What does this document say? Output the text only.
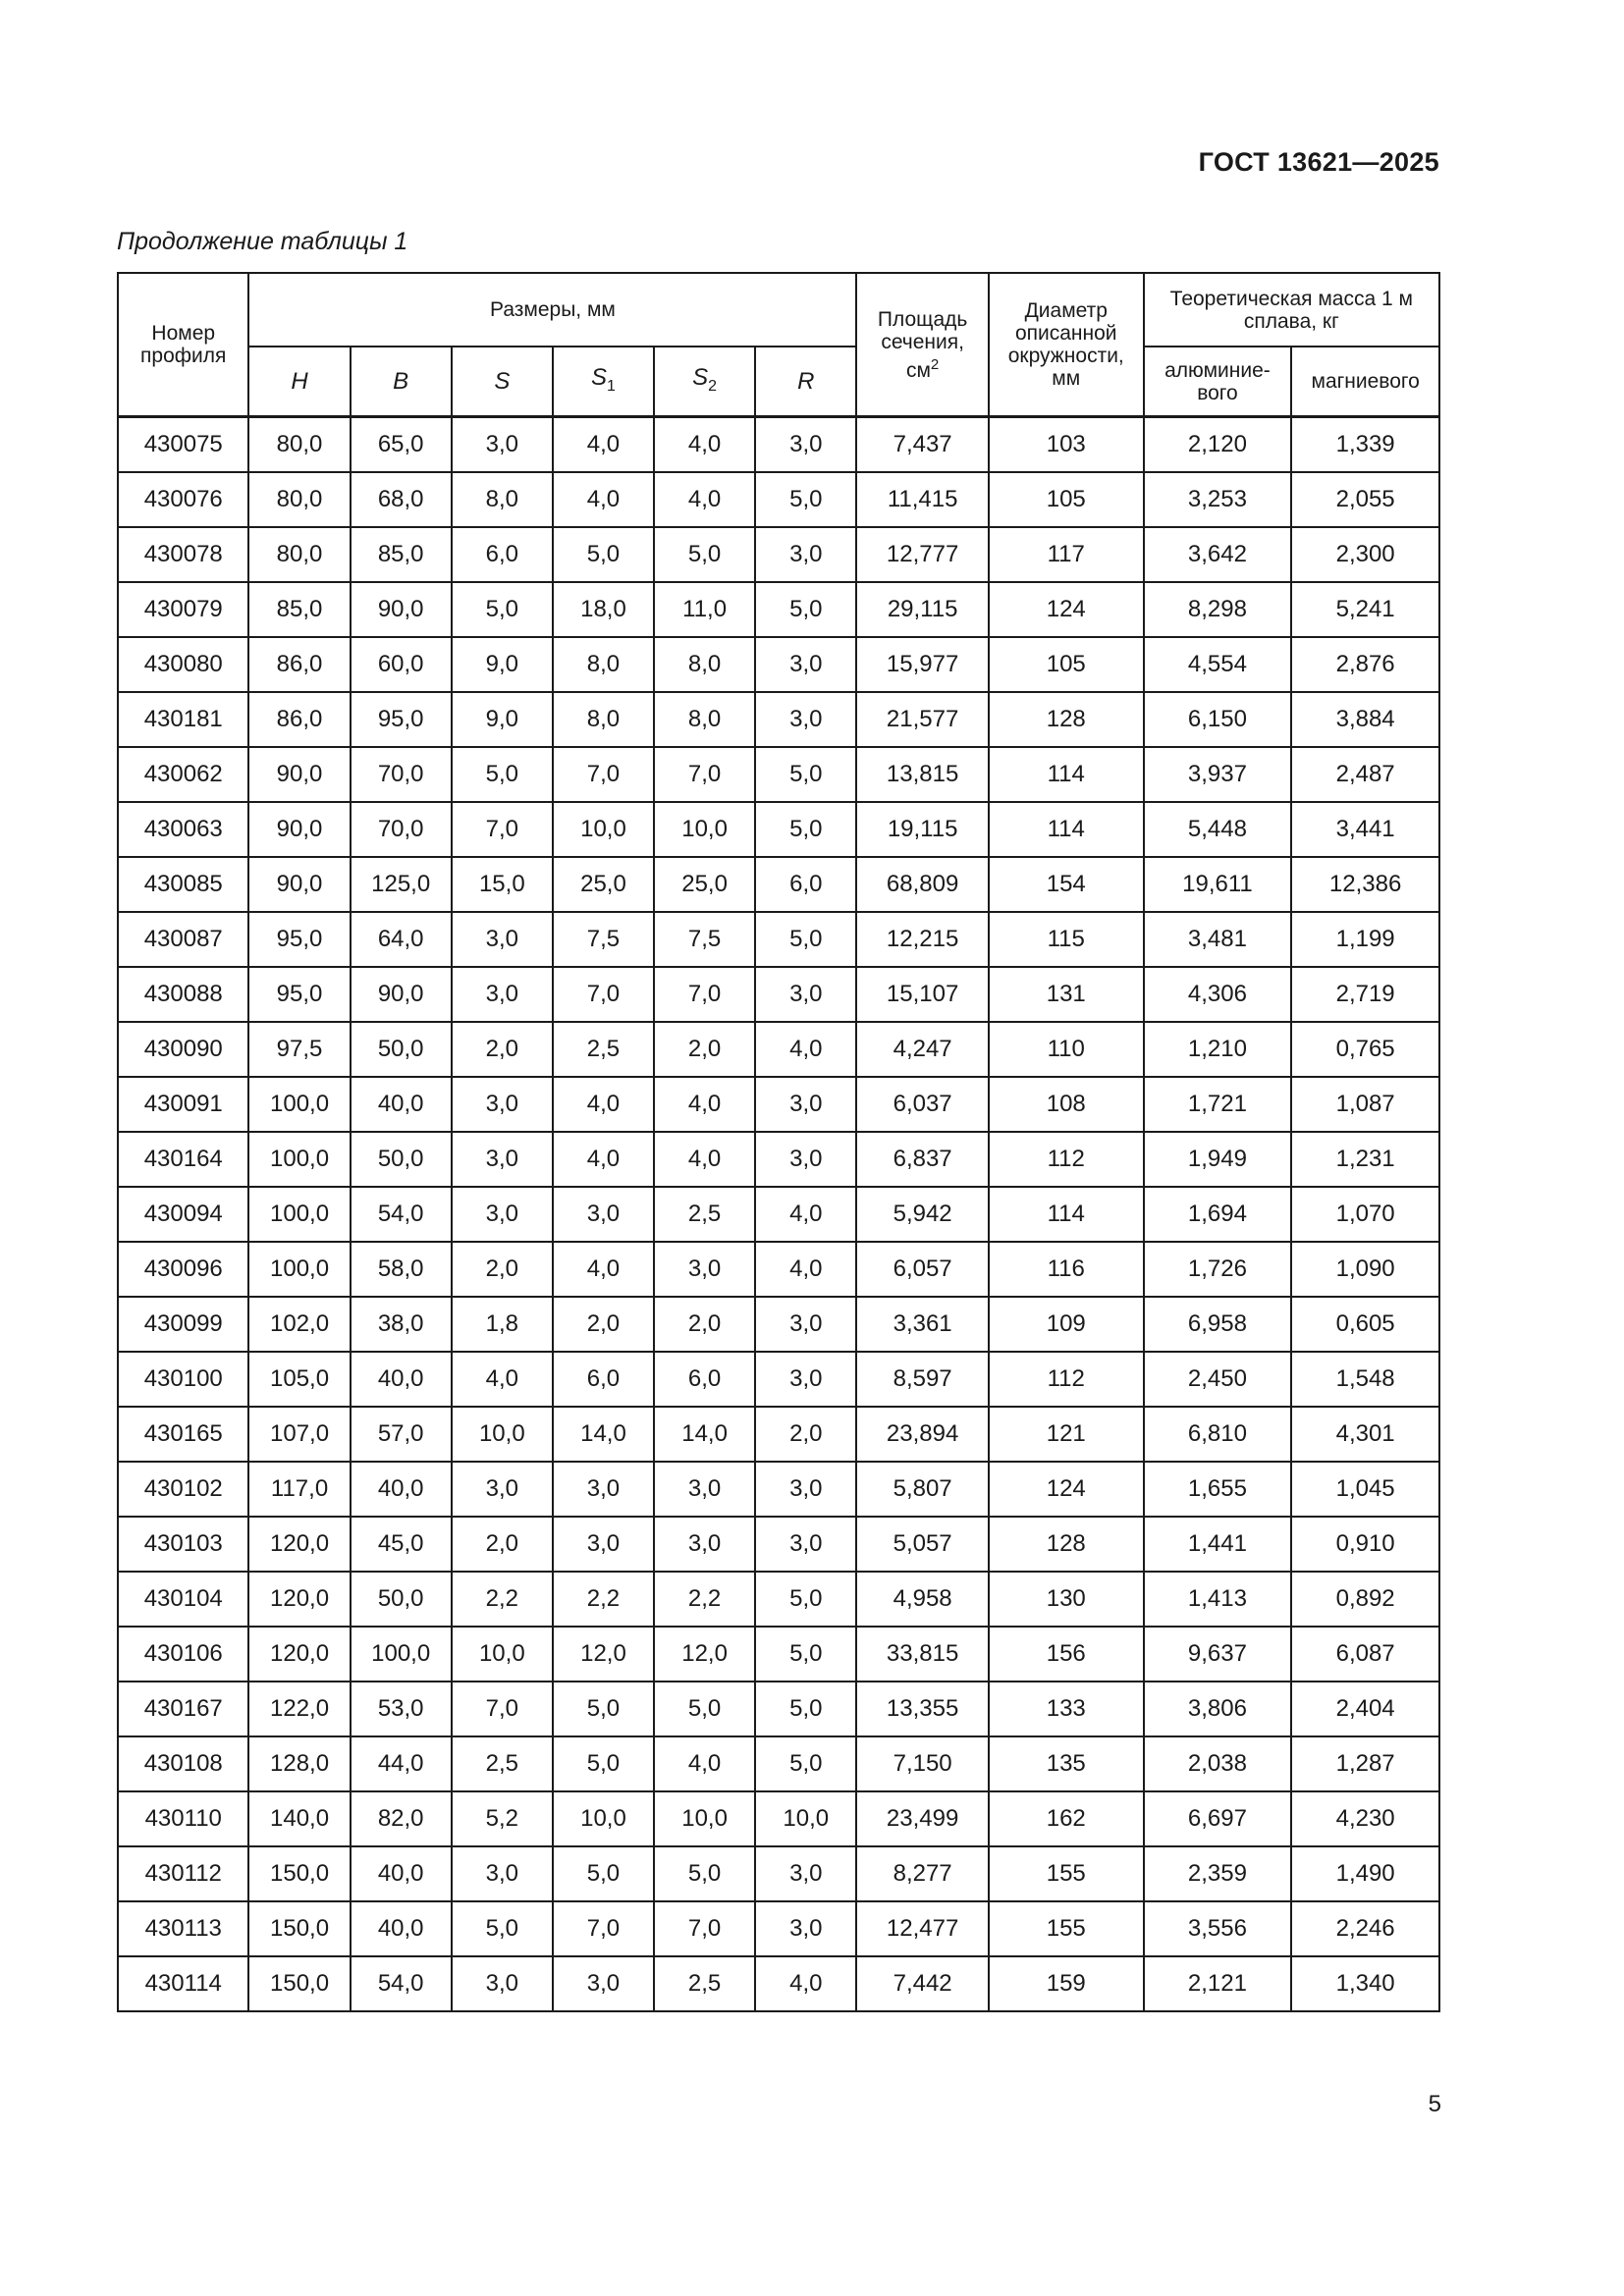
ГОСТ 13621—2025
Продолжение таблицы 1
Номер профиля	Размеры, мм						Площадь сечения, $см^2$	Диаметр описанной окружности, мм	Теоретическая масса 1 м сплава, кг	
	H	B	S	$S_1$	$S_2$	R			алюминие-вого	магниевого
430075	80,0	65,0	3,0	4,0	4,0	3,0	7,437	103	2,120	1,339
430076	80,0	68,0	8,0	4,0	4,0	5,0	11,415	105	3,253	2,055
430078	80,0	85,0	6,0	5,0	5,0	3,0	12,777	117	3,642	2,300
430079	85,0	90,0	5,0	18,0	11,0	5,0	29,115	124	8,298	5,241
430080	86,0	60,0	9,0	8,0	8,0	3,0	15,977	105	4,554	2,876
430181	86,0	95,0	9,0	8,0	8,0	3,0	21,577	128	6,150	3,884
430062	90,0	70,0	5,0	7,0	7,0	5,0	13,815	114	3,937	2,487
430063	90,0	70,0	7,0	10,0	10,0	5,0	19,115	114	5,448	3,441
430085	90,0	125,0	15,0	25,0	25,0	6,0	68,809	154	19,611	12,386
430087	95,0	64,0	3,0	7,5	7,5	5,0	12,215	115	3,481	1,199
430088	95,0	90,0	3,0	7,0	7,0	3,0	15,107	131	4,306	2,719
430090	97,5	50,0	2,0	2,5	2,0	4,0	4,247	110	1,210	0,765
430091	100,0	40,0	3,0	4,0	4,0	3,0	6,037	108	1,721	1,087
430164	100,0	50,0	3,0	4,0	4,0	3,0	6,837	112	1,949	1,231
430094	100,0	54,0	3,0	3,0	2,5	4,0	5,942	114	1,694	1,070
430096	100,0	58,0	2,0	4,0	3,0	4,0	6,057	116	1,726	1,090
430099	102,0	38,0	1,8	2,0	2,0	3,0	3,361	109	6,958	0,605
430100	105,0	40,0	4,0	6,0	6,0	3,0	8,597	112	2,450	1,548
430165	107,0	57,0	10,0	14,0	14,0	2,0	23,894	121	6,810	4,301
430102	117,0	40,0	3,0	3,0	3,0	3,0	5,807	124	1,655	1,045
430103	120,0	45,0	2,0	3,0	3,0	3,0	5,057	128	1,441	0,910
430104	120,0	50,0	2,2	2,2	2,2	5,0	4,958	130	1,413	0,892
430106	120,0	100,0	10,0	12,0	12,0	5,0	33,815	156	9,637	6,087
430167	122,0	53,0	7,0	5,0	5,0	5,0	13,355	133	3,806	2,404
430108	128,0	44,0	2,5	5,0	4,0	5,0	7,150	135	2,038	1,287
430110	140,0	82,0	5,2	10,0	10,0	10,0	23,499	162	6,697	4,230
430112	150,0	40,0	3,0	5,0	5,0	3,0	8,277	155	2,359	1,490
430113	150,0	40,0	5,0	7,0	7,0	3,0	12,477	155	3,556	2,246
430114	150,0	54,0	3,0	3,0	2,5	4,0	7,442	159	2,121	1,340
5
